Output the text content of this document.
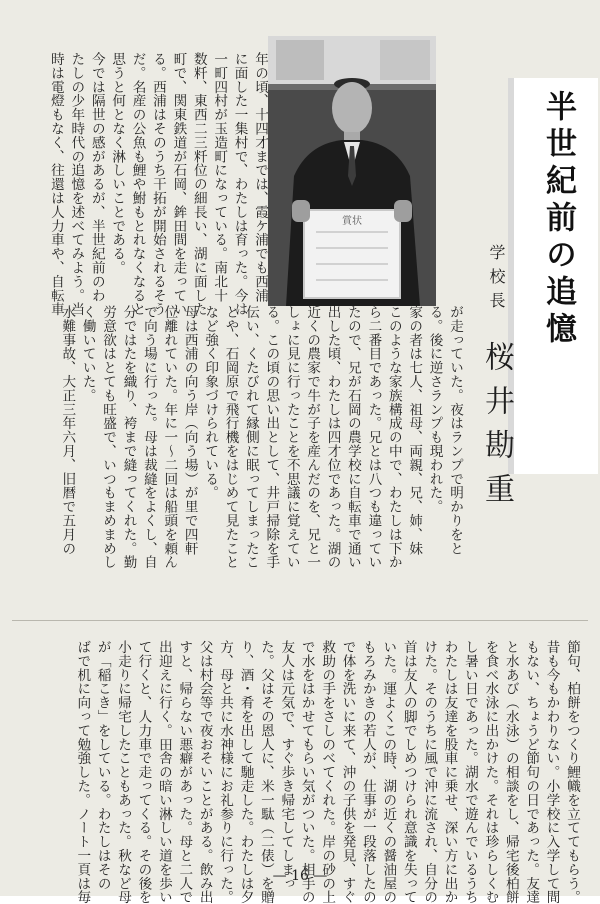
年の頃、十四才までは、霞ケ浦でも西浦
に面した一集村で、わたしは育った。今は
一町四村が玉造町になっている。南北十
数粁、東西二三粁位の細長い、湖に面した
町で、関東鉄道が石岡、鉾田間を走ってい
る。西浦はそのうち干拓が開始されるそう
だ。名産の公魚も鯉や鮒もとれなくなると
思うと何となく淋しいことである。
今では隔世の感があるが、半世紀前のわ
たしの少年時代の追憶を述べてみよう。当
時は電燈もなく、往還は人力車や、自転車	賞状	半世紀前の追憶
学校長 桜井勘重
が走っていた。夜はランプで明かりをと
る。後に逆さランプも現われた。
家の者は七人、祖母、両親、兄、姉、妹
このような家族構成の中で、わたしは下か
ら二番目であった。兄とは八つも違ってい
たので、兄が石岡の農学校に自転車で通い
出した頃、わたしは四才位であった。湖の
近くの農家で牛が子を産んだのを、兄と一
しょに見に行ったことを不思議に覚えてい
る。この頃の思い出として、井戸掃除を手
伝い、くたびれて縁側に眠ってしまったこ
とや、石岡原で飛行機をはじめて見たこと
など強く印象づけられている。
母は西浦の向う岸（向う場）が里で四軒
位離れていた。年に一〜二回は船頭を頼ん
で向う場に行った。母は裁縫をよくし、自
分ではたを織り、袴まで縫ってくれた。勤
労意欲はとても旺盛で、いつもまめまめし
く働いていた。
水難事故、大正三年六月、旧暦で五月の
節句、柏餅をつくり鯉幟を立ててもらう。
昔も今もかわりない。小学校に入学して間
もない、ちょうど節句の日であった。友達
と水あび（水泳）の相談をし、帰宅後柏餅
を食べ水泳に出かけた。それは珍らしくむ
し暑い日であった。湖水で遊んでいるうち
わたしは友達を股車に乗せ、深い方に出か
けた。そのうちに風で沖に流され、自分の
首は友人の脚でしめつけられ意識を失って
いた。運よくこの時、湖の近くの醤油屋の
もろみかきの若人が、仕事が一段落したの
で体を洗いに来て、沖の子供を発見、すぐ
救助の手をさしのべてくれた。岸の砂の上
で水をはかせてもらい気がついた。相手の
友人は元気で、すぐ歩き帰宅してしまっ
た。父はその恩人に、米一駄（二俵）を贈
り、酒・肴を出して馳走した。わたしは夕
方、母と共に水神様にお礼参りに行った。
父は村会等で夜おそいことがある。飲み出
すと、帰らない悪癖があった。母と二人で
出迎えに行く。田舎の暗い淋しい道を歩い
て行くと、人力車で走ってくる。その後を
小走りに帰宅したこともあった。秋など母
が「稲こき」をしている。わたしはその
ばで机に向って勉強した。ノート一頁は毎	— 16 —
